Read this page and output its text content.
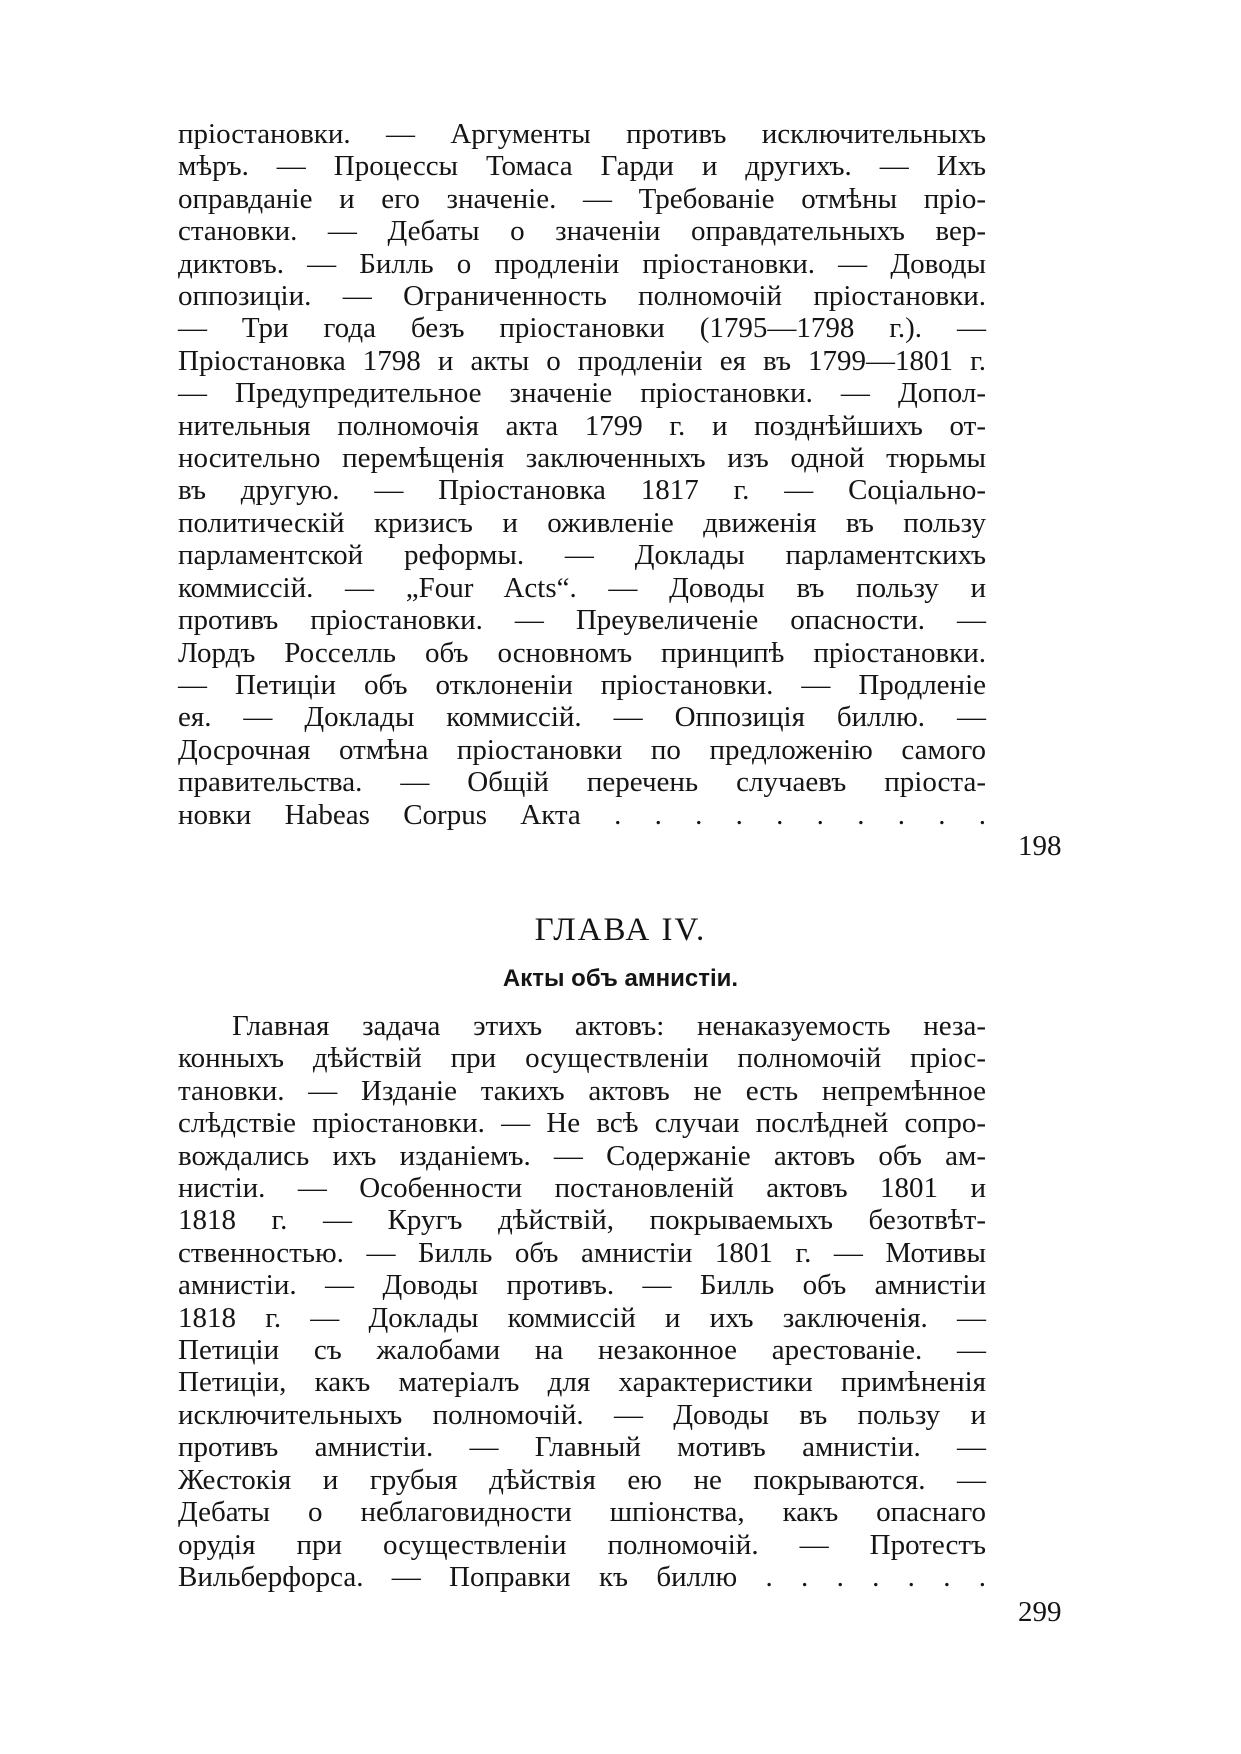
пріостановки. — Аргументы противъ исключительныхъ
мѣръ. — Процессы Томаса Гарди и другихъ. — Ихъ
оправданіе и его значеніе. — Требованіе отмѣны пріо-
становки. — Дебаты о значеніи оправдательныхъ вер-
диктовъ. — Билль о продленіи пріостановки. — Доводы
оппозиціи. — Ограниченность полномочій пріостановки.
— Три года безъ пріостановки (1795—1798 г.). —
Пріостановка 1798 и акты о продленіи ея въ 1799—1801 г.
— Предупредительное значеніе пріостановки. — Допол-
нительныя полномочія акта 1799 г. и позднѣйшихъ от-
носительно перемѣщенія заключенныхъ изъ одной тюрьмы
въ другую. — Пріостановка 1817 г. — Соціально-
политическій кризисъ и оживленіе движенія въ пользу
парламентской реформы. — Доклады парламентскихъ
коммиссій. — „Four Acts“. — Доводы въ пользу и
противъ пріостановки. — Преувеличеніе опасности. —
Лордъ Росселль объ основномъ принципѣ пріостановки.
— Петиціи объ отклоненіи пріостановки. — Продленіе
ея. — Доклады коммиссій. — Оппозиція биллю. —
Досрочная отмѣна пріостановки по предложенію самого
правительства. — Общій перечень случаевъ пріоста-
новки Habeas Corpus Акта . . . . . . . . . .
198
ГЛАВА IV.
Акты объ амнистіи.
Главная задача этихъ актовъ: ненаказуемость неза-
конныхъ дѣйствій при осуществленіи полномочій пріос-
тановки. — Изданіе такихъ актовъ не есть непремѣнное
слѣдствіе пріостановки. — Не всѣ случаи послѣдней сопро-
вождались ихъ изданіемъ. — Содержаніе актовъ объ ам-
нистіи. — Особенности постановленій актовъ 1801 и
1818 г. — Кругъ дѣйствій, покрываемыхъ безотвѣт-
ственностью. — Билль объ амнистіи 1801 г. — Мотивы
амнистіи. — Доводы противъ. — Билль объ амнистіи
1818 г. — Доклады коммиссій и ихъ заключенія. —
Петиціи съ жалобами на незаконное арестованіе. —
Петиціи, какъ матеріалъ для характеристики примѣненія
исключительныхъ полномочій. — Доводы въ пользу и
противъ амнистіи. — Главный мотивъ амнистіи. —
Жестокія и грубыя дѣйствія ею не покрываются. —
Дебаты о неблаговидности шпіонства, какъ опаснаго
орудія при осуществленіи полномочій. — Протестъ
Вильберфорса. — Поправки къ биллю . . . . . . .
299
